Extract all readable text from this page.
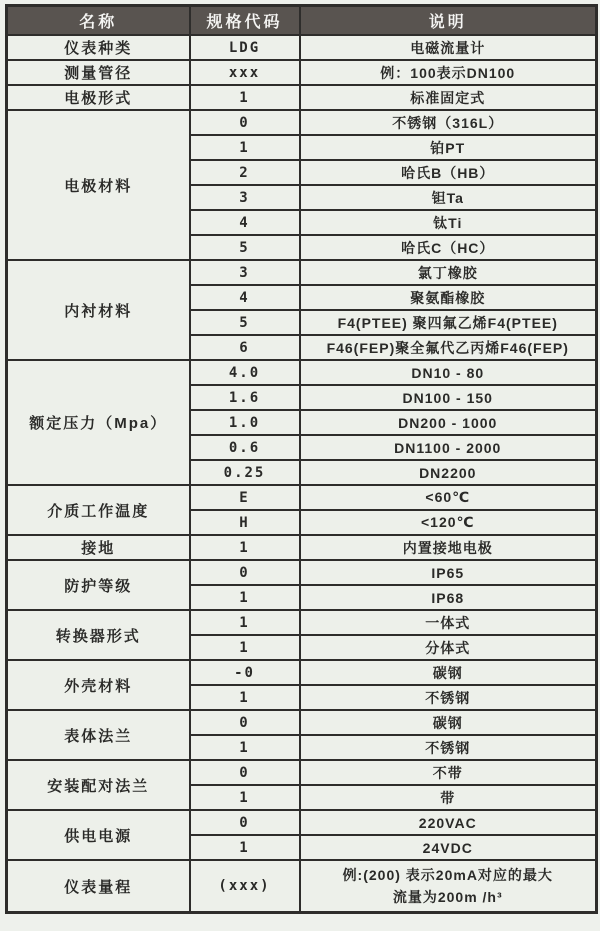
名称	规格代码	说明
仪表种类	LDG	电磁流量计
测量管径	xxx	例：100表示DN100
电极形式	1	标准固定式
电极材料	0	不锈钢（316L）
	1	铂PT
	2	哈氏B（HB）
	3	钽Ta
	4	钛Ti
	5	哈氏C（HC）
内衬材料	3	氯丁橡胶
	4	聚氨酯橡胶
	5	F4(PTEE) 聚四氟乙烯F4(PTEE)
	6	F46(FEP)聚全氟代乙丙烯F46(FEP)
额定压力（Mpa）	4.0	DN10 - 80
	1.6	DN100 - 150
	1.0	DN200 - 1000
	0.6	DN1100 - 2000
	0.25	DN2200
介质工作温度	E	<60℃
	H	<120℃
接地	1	内置接地电极
防护等级	0	IP65
	1	IP68
转换器形式	1	一体式
	1	分体式
外壳材料	-0	碳钢
	1	不锈钢
表体法兰	0	碳钢
	1	不锈钢
安装配对法兰	0	不带
	1	带
供电电源	0	220VAC
	1	24VDC
仪表量程	(xxx)	例:(200) 表示20mA对应的最大
流量为200m /h³
